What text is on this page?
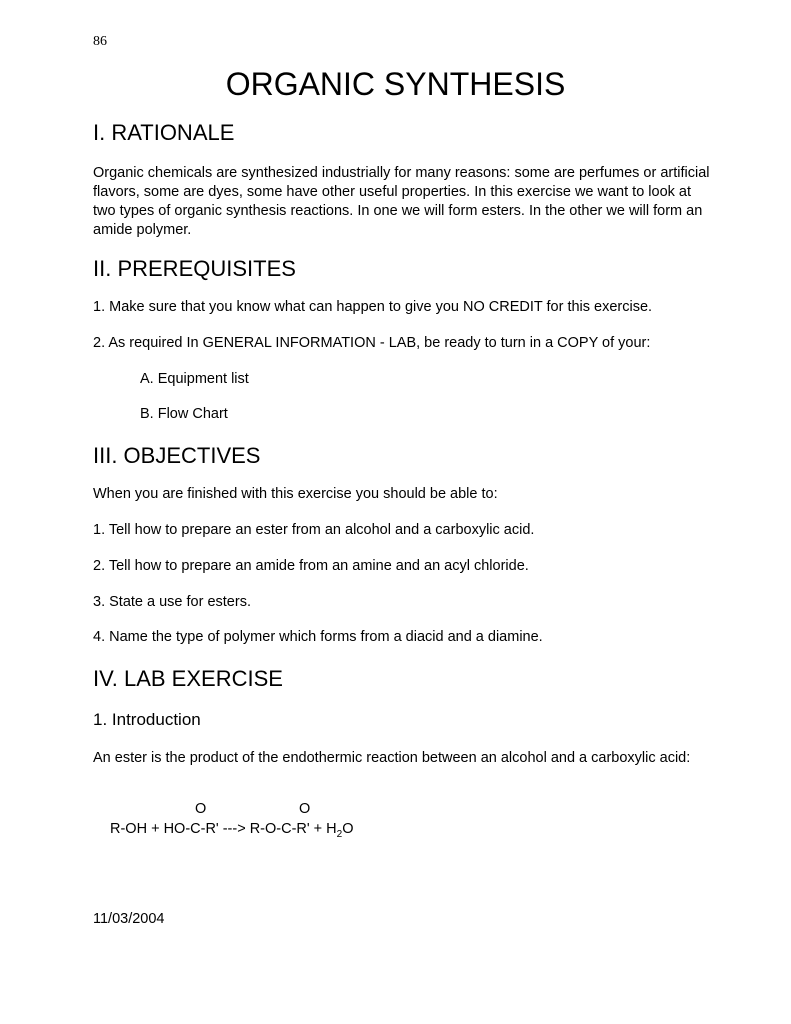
86
ORGANIC SYNTHESIS
I. RATIONALE
Organic chemicals are synthesized industrially for many reasons: some are perfumes or artificial flavors, some are dyes, some have other useful properties. In this exercise we want to look at two types of organic synthesis reactions. In one we will form esters. In the other we will form an amide polymer.
II. PREREQUISITES
1. Make sure that you know what can happen to give you NO CREDIT for this exercise.
2. As required In GENERAL INFORMATION - LAB, be ready to turn in a COPY of your:
A. Equipment list
B. Flow Chart
III. OBJECTIVES
When you are finished with this exercise you should be able to:
1. Tell how to prepare an ester from an alcohol and a carboxylic acid.
2. Tell how to prepare an amide from an amine and an acyl chloride.
3. State a use for esters.
4. Name the type of polymer which forms from a diacid and a diamine.
IV. LAB EXERCISE
1. Introduction
An ester is the product of the endothermic reaction between an alcohol and a carboxylic acid:
O	O
R-OH + HO-C-R' ---> $R-O-C-R' + H_2O$
11/03/2004
